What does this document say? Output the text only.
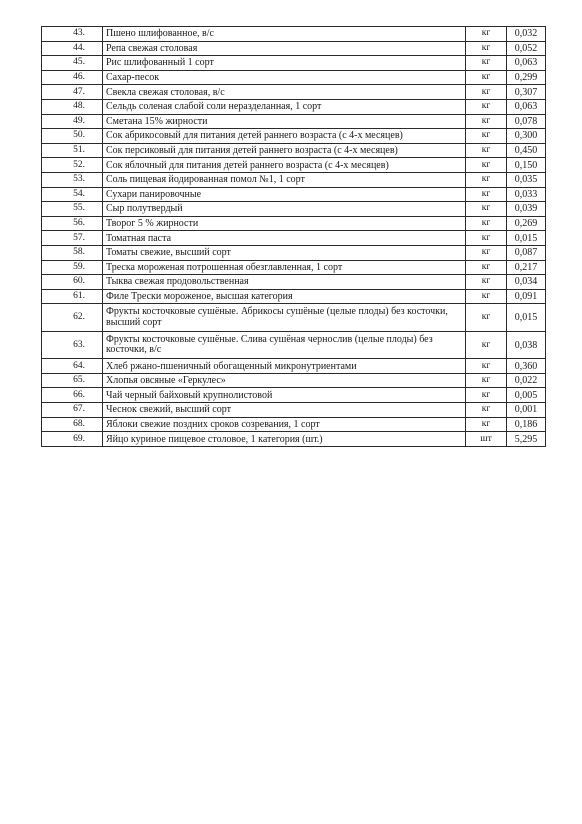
43.	Пшено шлифованное, в/с	кг	0,032
44.	Репа свежая столовая	кг	0,052
45.	Рис шлифованный 1 сорт	кг	0,063
46.	Сахар-песок	кг	0,299
47.	Свекла свежая столовая, в/с	кг	0,307
48.	Сельдь соленая слабой соли неразделанная, 1 сорт	кг	0,063
49.	Сметана 15% жирности	кг	0,078
50.	Сок абрикосовый для питания детей раннего возраста (с 4-х месяцев)	кг	0,300
51.	Сок персиковый для питания детей раннего возраста (с 4-х месяцев)	кг	0,450
52.	Сок яблочный для питания детей раннего возраста (с 4-х месяцев)	кг	0,150
53.	Соль пищевая йодированная помол №1, 1 сорт	кг	0,035
54.	Сухари панировочные	кг	0,033
55.	Сыр полутвердый	кг	0,039
56.	Творог 5 % жирности	кг	0,269
57.	Томатная паста	кг	0,015
58.	Томаты свежие, высший сорт	кг	0,087
59.	Треска мороженая потрошенная обезглавленная, 1 сорт	кг	0,217
60.	Тыква свежая продовольственная	кг	0,034
61.	Филе Трески мороженое, высшая категория	кг	0,091
62.	Фрукты косточковые сушёные. Абрикосы сушёные (целые плоды) без косточки, высший сорт	кг	0,015
63.	Фрукты косточковые сушёные. Слива сушёная чернослив (целые плоды) без косточки, в/с	кг	0,038
64.	Хлеб ржано-пшеничный обогащенный микронутриентами	кг	0,360
65.	Хлопья овсяные «Геркулес»	кг	0,022
66.	Чай черный байховый крупнолистовой	кг	0,005
67.	Чеснок свежий, высший сорт	кг	0,001
68.	Яблоки свежие поздних сроков созревания, 1 сорт	кг	0,186
69.	Яйцо куриное пищевое столовое, 1 категория (шт.)	шт	5,295
